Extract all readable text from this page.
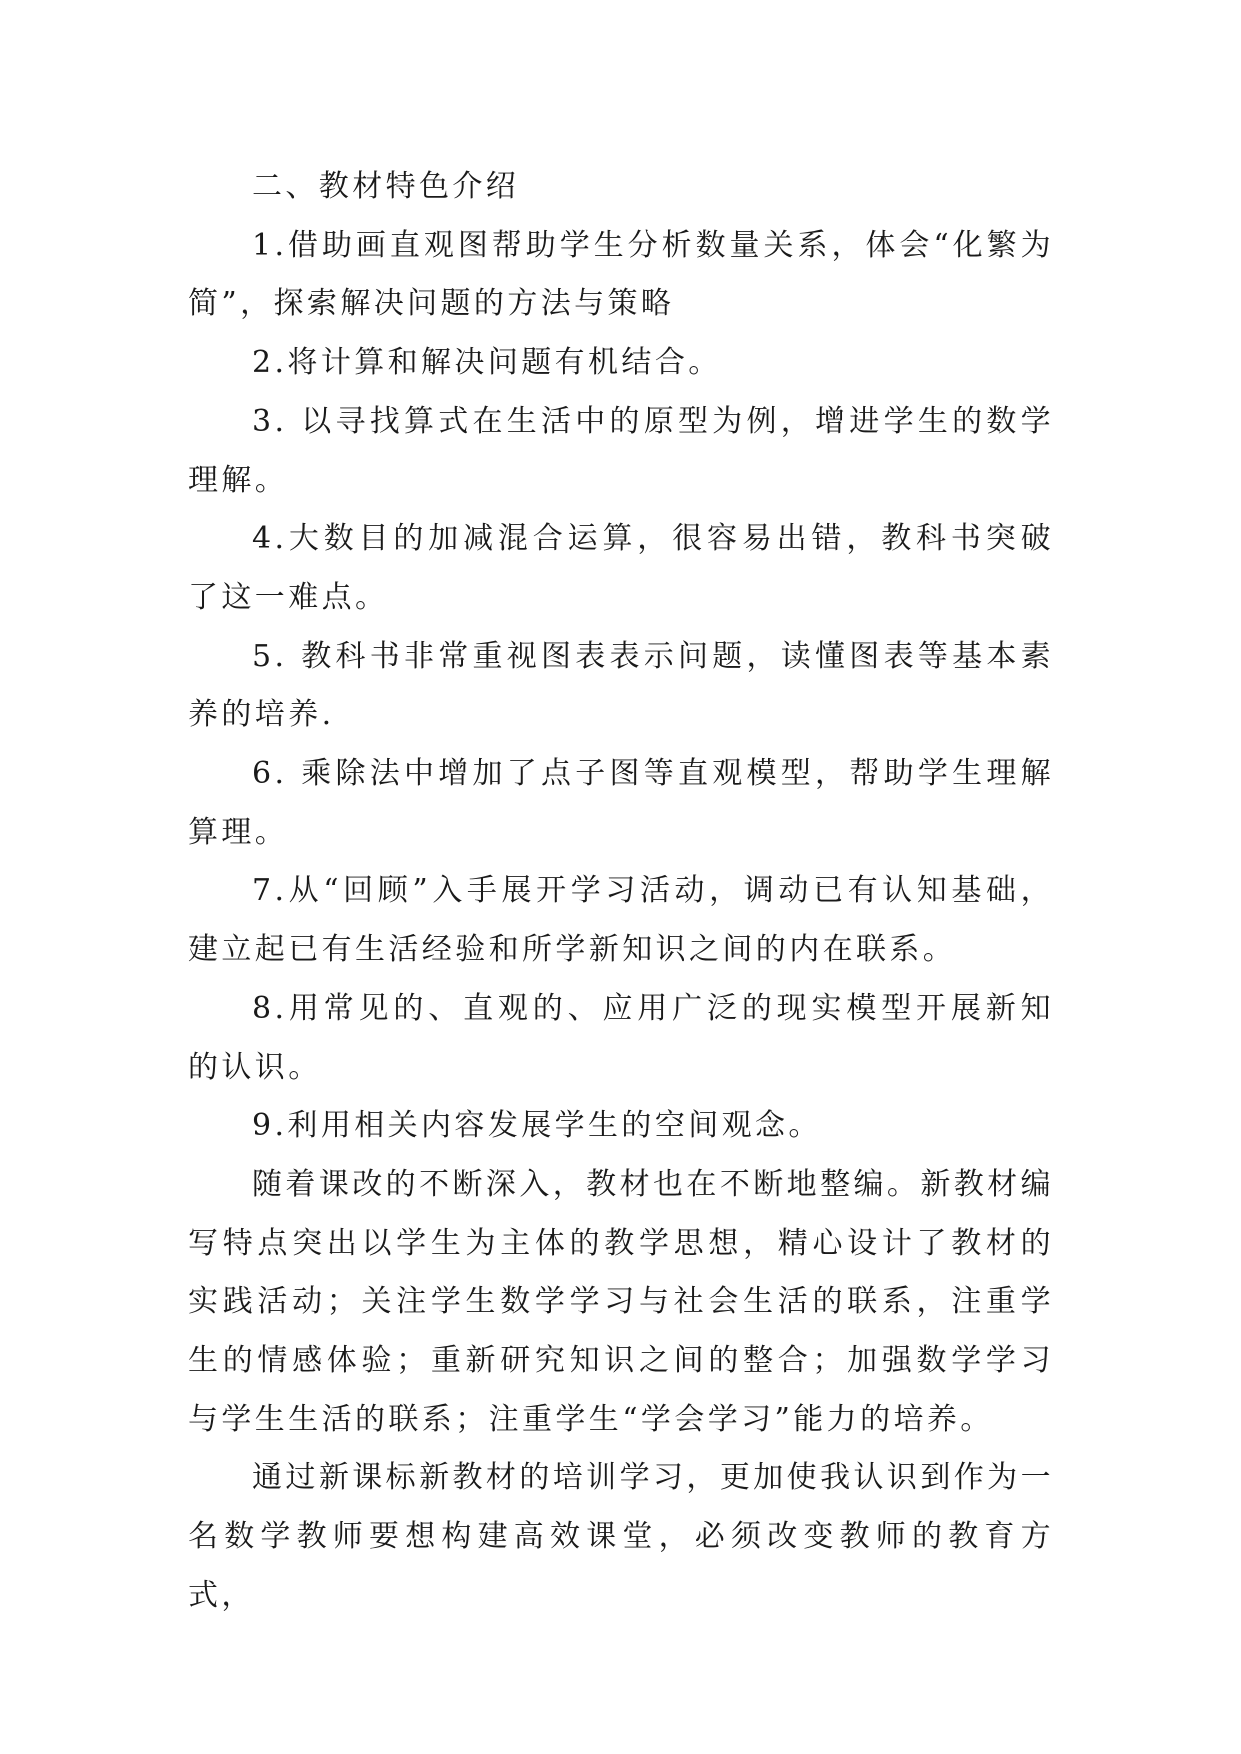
二、教材特色介绍

1.借助画直观图帮助学生分析数量关系，体会“化繁为简”，探索解决问题的方法与策略

2.将计算和解决问题有机结合。

3. 以寻找算式在生活中的原型为例，增进学生的数学理解。

4.大数目的加减混合运算，很容易出错，教科书突破了这一难点。

5. 教科书非常重视图表表示问题，读懂图表等基本素养的培养.

6. 乘除法中增加了点子图等直观模型，帮助学生理解算理。

7.从“回顾”入手展开学习活动，调动已有认知基础，建立起已有生活经验和所学新知识之间的内在联系。

8.用常见的、直观的、应用广泛的现实模型开展新知的认识。

9.利用相关内容发展学生的空间观念。

随着课改的不断深入，教材也在不断地整编。新教材编写特点突出以学生为主体的教学思想，精心设计了教材的实践活动；关注学生数学学习与社会生活的联系，注重学生的情感体验；重新研究知识之间的整合；加强数学学习与学生生活的联系；注重学生“学会学习”能力的培养。

通过新课标新教材的培训学习，更加使我认识到作为一名数学教师要想构建高效课堂，必须改变教师的教育方式，
